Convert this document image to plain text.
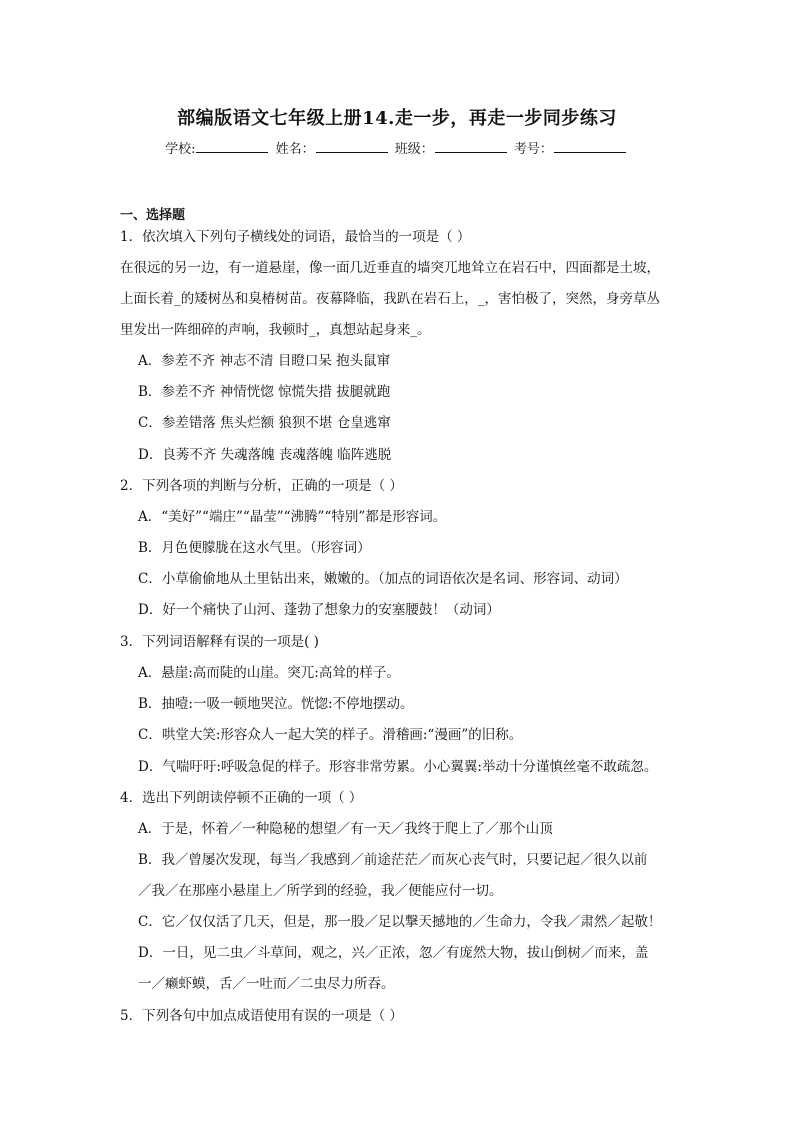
部编版语文七年级上册14.走一步，再走一步同步练习
学校:	姓名：	班级：	考号：
一、选择题
1．依次填入下列句子横线处的词语，最恰当的一项是（ ）
在很远的另一边，有一道悬崖，像一面几近垂直的墙突兀地耸立在岩石中，四面都是土坡，
上面长着_的矮树丛和臭椿树苗。夜幕降临，我趴在岩石上，_，害怕极了，突然，身旁草丛
里发出一阵细碎的声响，我顿时_，真想站起身来_。
A．参差不齐 神志不清 目瞪口呆 抱头鼠窜
B．参差不齐 神情恍惚 惊慌失措 拔腿就跑
C．参差错落 焦头烂额 狼狈不堪 仓皇逃窜
D．良莠不齐 失魂落魄 丧魂落魄 临阵逃脱
2．下列各项的判断与分析，正确的一项是（ ）
A．“美好”“端庄”“晶莹”“沸腾”“特别”都是形容词。
B．月色便朦胧在这水气里。（形容词）
C．小草偷偷地从土里钻出来，嫩嫩的。（加点的词语依次是名词、形容词、动词）
D．好一个痛快了山河、蓬勃了想象力的安塞腰鼓！（动词）
3．下列词语解释有误的一项是( )
A．悬崖:高而陡的山崖。突兀:高耸的样子。
B．抽噎:一吸一顿地哭泣。恍惚:不停地摆动。
C．哄堂大笑:形容众人一起大笑的样子。滑稽画:“漫画”的旧称。
D．气喘吁吁:呼吸急促的样子。形容非常劳累。小心翼翼:举动十分谨慎丝毫不敢疏忽。
4．选出下列朗读停顿不正确的一项（ ）
A．于是，怀着／一种隐秘的想望／有一天／我终于爬上了／那个山顶
B．我／曾屡次发现，每当／我感到／前途茫茫／而灰心丧气时，只要记起／很久以前
／我／在那座小悬崖上／所学到的经验，我／便能应付一切。
C．它／仅仅活了几天，但是，那一股／足以撃天撼地的／生命力，令我／肃然／起敬！
D．一日，见二虫／斗草间，观之，兴／正浓，忽／有庞然大物，拔山倒树／而来，盖
一／癞虾蟆，舌／一吐而／二虫尽力所吞。
5．下列各句中加点成语使用有误的一项是（ ）
